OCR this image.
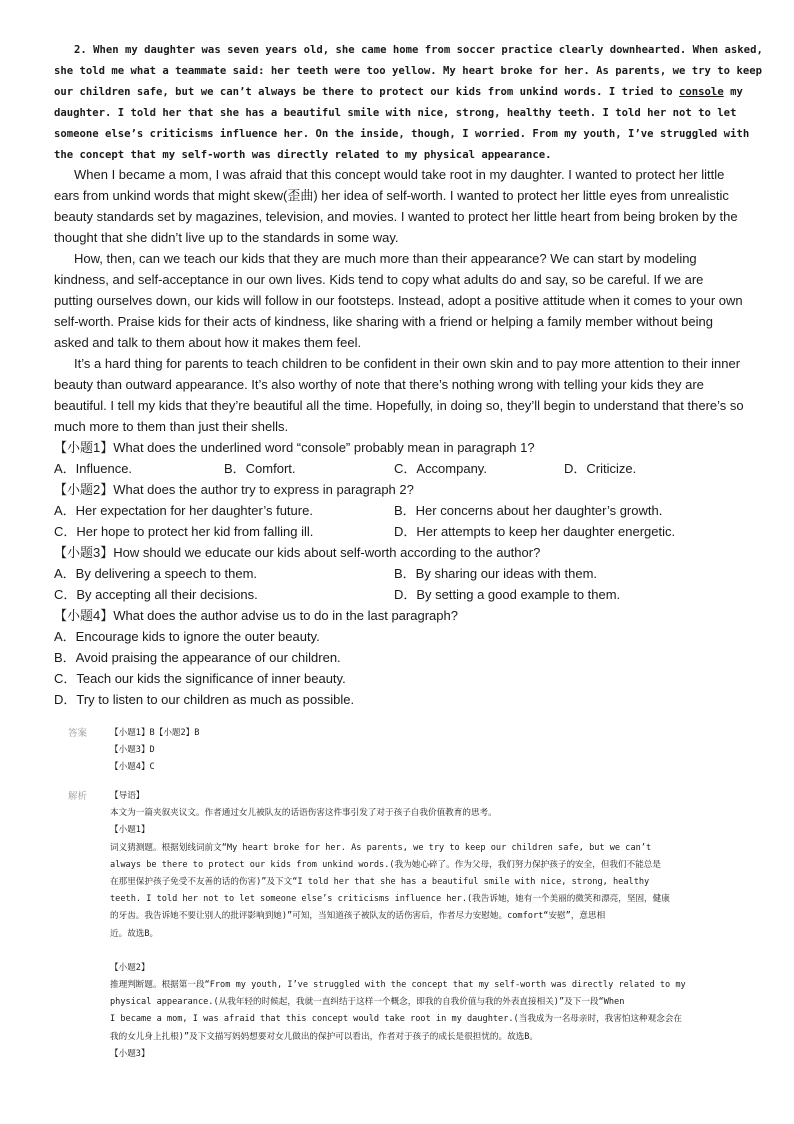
2. When my daughter was seven years old, she came home from soccer practice clearly downhearted. When asked,
she told me what a teammate said: her teeth were too yellow. My heart broke for her. As parents, we try to keep
our children safe, but we can’t always be there to protect our kids from unkind words. I tried to console my
daughter. I told her that she has a beautiful smile with nice, strong, healthy teeth. I told her not to let
someone else’s criticisms influence her. On the inside, though, I worried. From my youth, I’ve struggled with
the concept that my self-worth was directly related to my physical appearance.

When I became a mom, I was afraid that this concept would take root in my daughter. I wanted to protect her little ears from unkind words that might skew(歪曲) her idea of self-worth. I wanted to protect her little eyes from unrealistic beauty standards set by magazines, television, and movies. I wanted to protect her little heart from being broken by the thought that she didn’t live up to the standards in some way.

How, then, can we teach our kids that they are much more than their appearance? We can start by modeling kindness, and self-acceptance in our own lives. Kids tend to copy what adults do and say, so be careful. If we are putting ourselves down, our kids will follow in our footsteps. Instead, adopt a positive attitude when it comes to your own self-worth. Praise kids for their acts of kindness, like sharing with a friend or helping a family member without being asked and talk to them about how it makes them feel.

It’s a hard thing for parents to teach children to be confident in their own skin and to pay more attention to their inner beauty than outward appearance. It’s also worthy of note that there’s nothing wrong with telling your kids they are beautiful. I tell my kids that they’re beautiful all the time. Hopefully, in doing so, they’ll begin to understand that there’s so much more to them than just their shells.

【小题1】What does the underlined word “console” probably mean in paragraph 1?
A．Influence.	B．Comfort.	C．Accompany.	D．Criticize.
【小题2】What does the author try to express in paragraph 2?
A．Her expectation for her daughter’s future.	B．Her concerns about her daughter’s growth.
C．Her hope to protect her kid from falling ill.	D．Her attempts to keep her daughter energetic.
【小题3】How should we educate our kids about self-worth according to the author?
A．By delivering a speech to them.	B．By sharing our ideas with them.
C．By accepting all their decisions.	D．By setting a good example to them.
【小题4】What does the author advise us to do in the last paragraph?
A．Encourage kids to ignore the outer beauty.
B．Avoid praising the appearance of our children.
C．Teach our kids the significance of inner beauty.
D．Try to listen to our children as much as possible.
答案	【小题1】B【小题2】B
【小题3】D
【小题4】C
解析	【导语】
本文为一篇夹叙夹议文。作者通过女儿被队友的话语伤害这件事引发了对于孩子自我价值教育的思考。
【小题1】
词义猜测题。根据划线词前文“My heart broke for her. As parents, we try to keep our children safe, but we can’t
always be there to protect our kids from unkind words.(我为她心碎了。作为父母，我们努力保护孩子的安全，但我们不能总是
在那里保护孩子免受不友善的话的伤害)”及下文“I told her that she has a beautiful smile with nice, strong, healthy
teeth. I told her not to let someone else’s criticisms influence her.(我告诉她，她有一个美丽的微笑和漂亮，坚固，健康
的牙齿。我告诉她不要让别人的批评影响到她)”可知，当知道孩子被队友的话伤害后，作者尽力安慰她。comfort“安慰”，意思相
近。故选B。
【小题2】
推理判断题。根据第一段“From my youth, I’ve struggled with the concept that my self-worth was directly related to my
physical appearance.(从我年轻的时候起，我就一直纠结于这样一个概念，即我的自我价值与我的外表直接相关)”及下一段“When
I became a mom, I was afraid that this concept would take root in my daughter.(当我成为一名母亲时，我害怕这种观念会在
我的女儿身上扎根)”及下文描写妈妈想要对女儿做出的保护可以看出，作者对于孩子的成长是很担忧的。故选B。
【小题3】
